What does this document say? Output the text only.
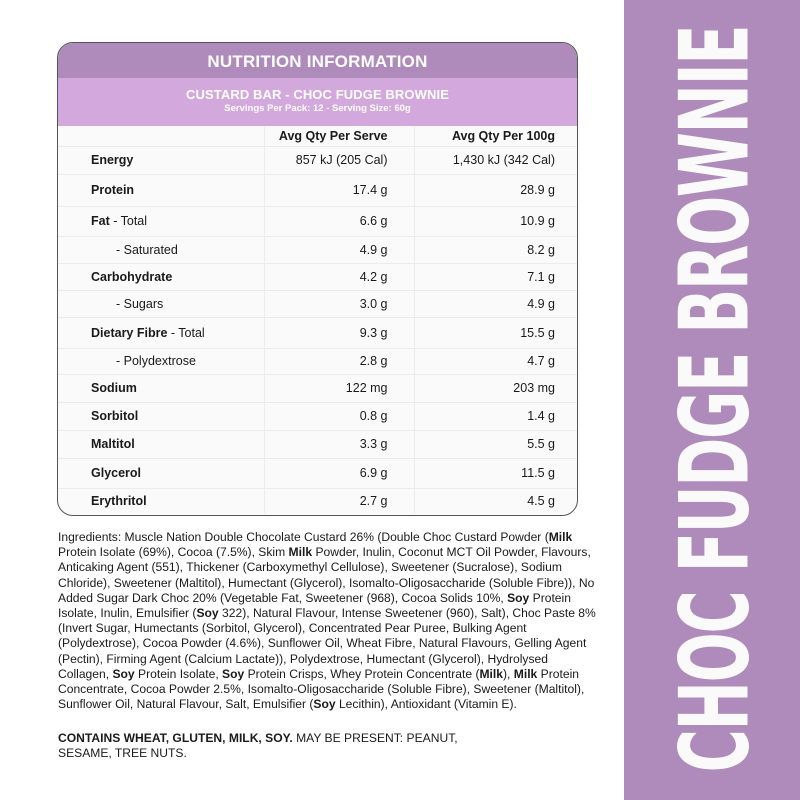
NUTRITION INFORMATION
CUSTARD BAR - CHOC FUDGE BROWNIE
Servings Per Pack: 12 - Serving Size: 60g
	Avg Qty Per Serve	Avg Qty Per 100g
Energy	857 kJ (205 Cal)	1,430 kJ (342 Cal)
Protein	17.4 g	28.9 g
Fat - Total	6.6 g	10.9 g
- Saturated	4.9 g	8.2 g
Carbohydrate	4.2 g	7.1 g
- Sugars	3.0 g	4.9 g
Dietary Fibre - Total	9.3 g	15.5 g
- Polydextrose	2.8 g	4.7 g
Sodium	122 mg	203 mg
Sorbitol	0.8 g	1.4 g
Maltitol	3.3 g	5.5 g
Glycerol	6.9 g	11.5 g
Erythritol	2.7 g	4.5 g
Ingredients: Muscle Nation Double Chocolate Custard 26% (Double Choc Custard Powder (Milk Protein Isolate (69%), Cocoa (7.5%), Skim Milk Powder, Inulin, Coconut MCT Oil Powder, Flavours, Anticaking Agent (551), Thickener (Carboxymethyl Cellulose), Sweetener (Sucralose), Sodium Chloride), Sweetener (Maltitol), Humectant (Glycerol), Isomalto-Oligosaccharide (Soluble Fibre)), No Added Sugar Dark Choc 20% (Vegetable Fat, Sweetener (968), Cocoa Solids 10%, Soy Protein Isolate, Inulin, Emulsifier (Soy 322), Natural Flavour, Intense Sweetener (960), Salt), Choc Paste 8% (Invert Sugar, Humectants (Sorbitol, Glycerol), Concentrated Pear Puree, Bulking Agent (Polydextrose), Cocoa Powder (4.6%), Sunflower Oil, Wheat Fibre, Natural Flavours, Gelling Agent (Pectin), Firming Agent (Calcium Lactate)), Polydextrose, Humectant (Glycerol), Hydrolysed Collagen, Soy Protein Isolate, Soy Protein Crisps, Whey Protein Concentrate (Milk), Milk Protein Concentrate, Cocoa Powder 2.5%, Isomalto-Oligosaccharide (Soluble Fibre), Sweetener (Maltitol), Sunflower Oil, Natural Flavour, Salt, Emulsifier (Soy Lecithin), Antioxidant (Vitamin E).
CONTAINS WHEAT, GLUTEN, MILK, SOY. MAY BE PRESENT: PEANUT, SESAME, TREE NUTS.	CHOC FUDGE BROWNIE
